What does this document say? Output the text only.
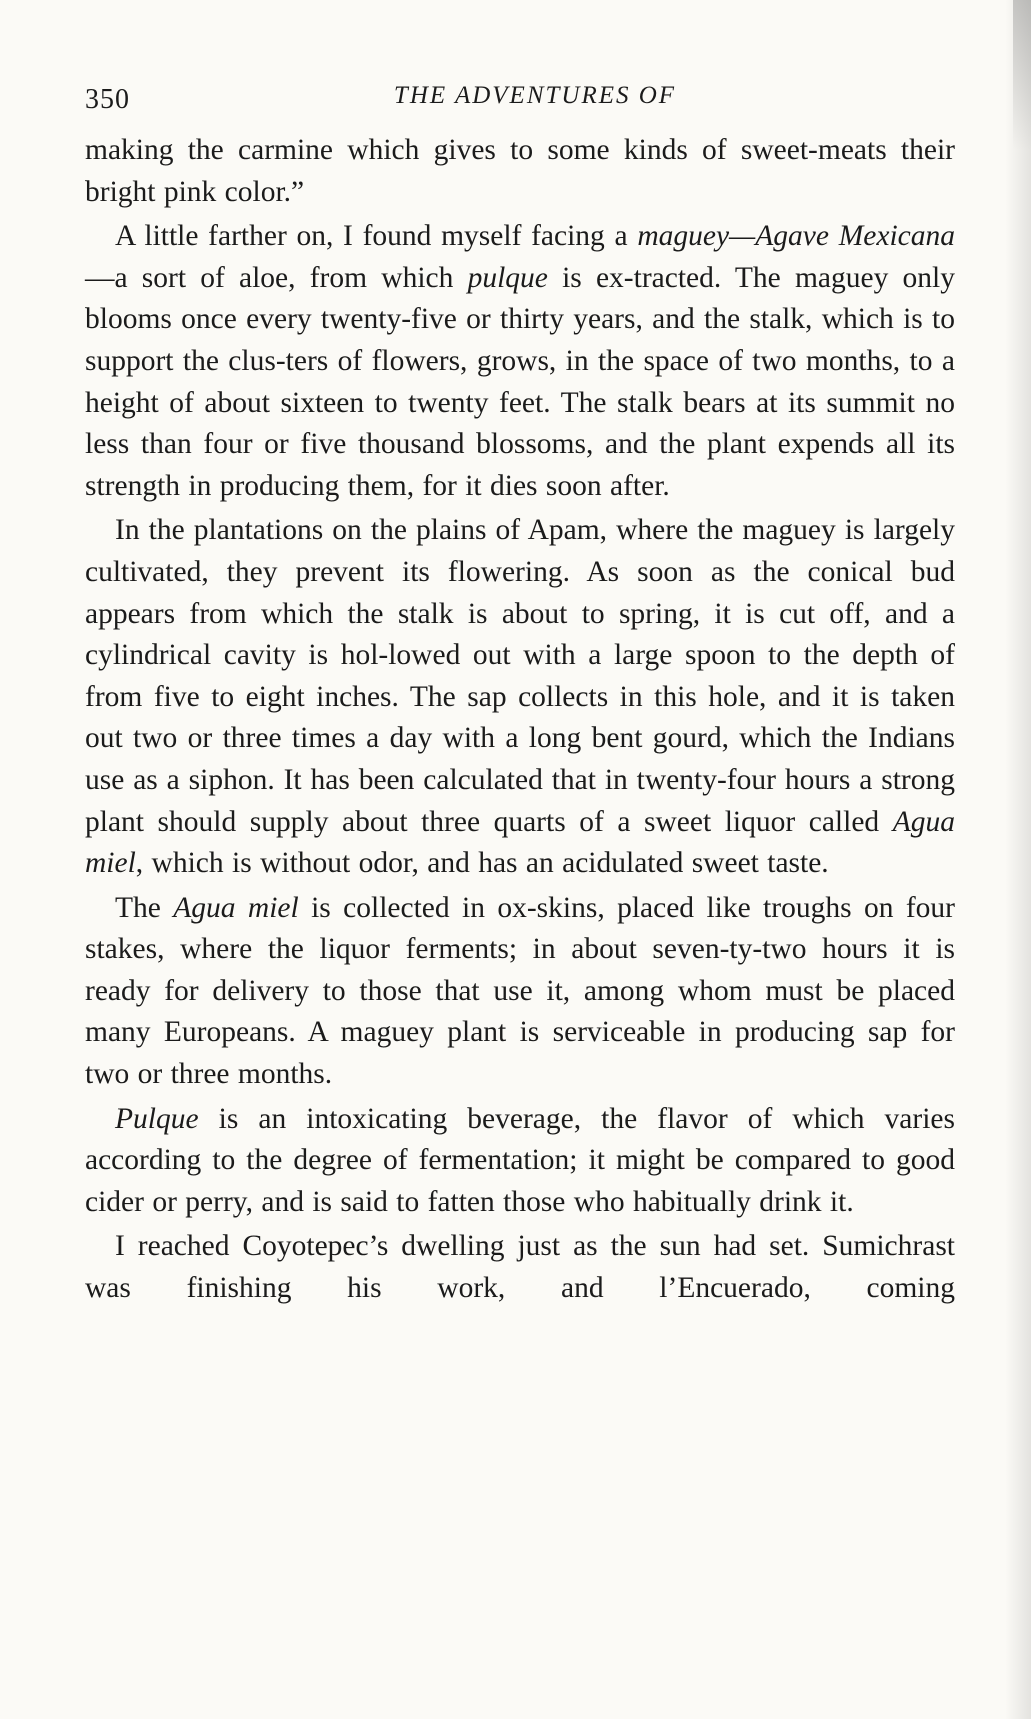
350	THE ADVENTURES OF

making the carmine which gives to some kinds of sweet-meats their bright pink color.”

A little farther on, I found myself facing a maguey—Agave Mexicana—a sort of aloe, from which pulque is ex-tracted. The maguey only blooms once every twenty-five or thirty years, and the stalk, which is to support the clus-ters of flowers, grows, in the space of two months, to a height of about sixteen to twenty feet. The stalk bears at its summit no less than four or five thousand blossoms, and the plant expends all its strength in producing them, for it dies soon after.

In the plantations on the plains of Apam, where the maguey is largely cultivated, they prevent its flowering. As soon as the conical bud appears from which the stalk is about to spring, it is cut off, and a cylindrical cavity is hol-lowed out with a large spoon to the depth of from five to eight inches. The sap collects in this hole, and it is taken out two or three times a day with a long bent gourd, which the Indians use as a siphon. It has been calculated that in twenty-four hours a strong plant should supply about three quarts of a sweet liquor called Agua miel, which is without odor, and has an acidulated sweet taste.

The Agua miel is collected in ox-skins, placed like troughs on four stakes, where the liquor ferments; in about seven-ty-two hours it is ready for delivery to those that use it, among whom must be placed many Europeans. A maguey plant is serviceable in producing sap for two or three months.

Pulque is an intoxicating beverage, the flavor of which varies according to the degree of fermentation; it might be compared to good cider or perry, and is said to fatten those who habitually drink it.

I reached Coyotepec’s dwelling just as the sun had set. Sumichrast was finishing his work, and l’Encuerado, coming
